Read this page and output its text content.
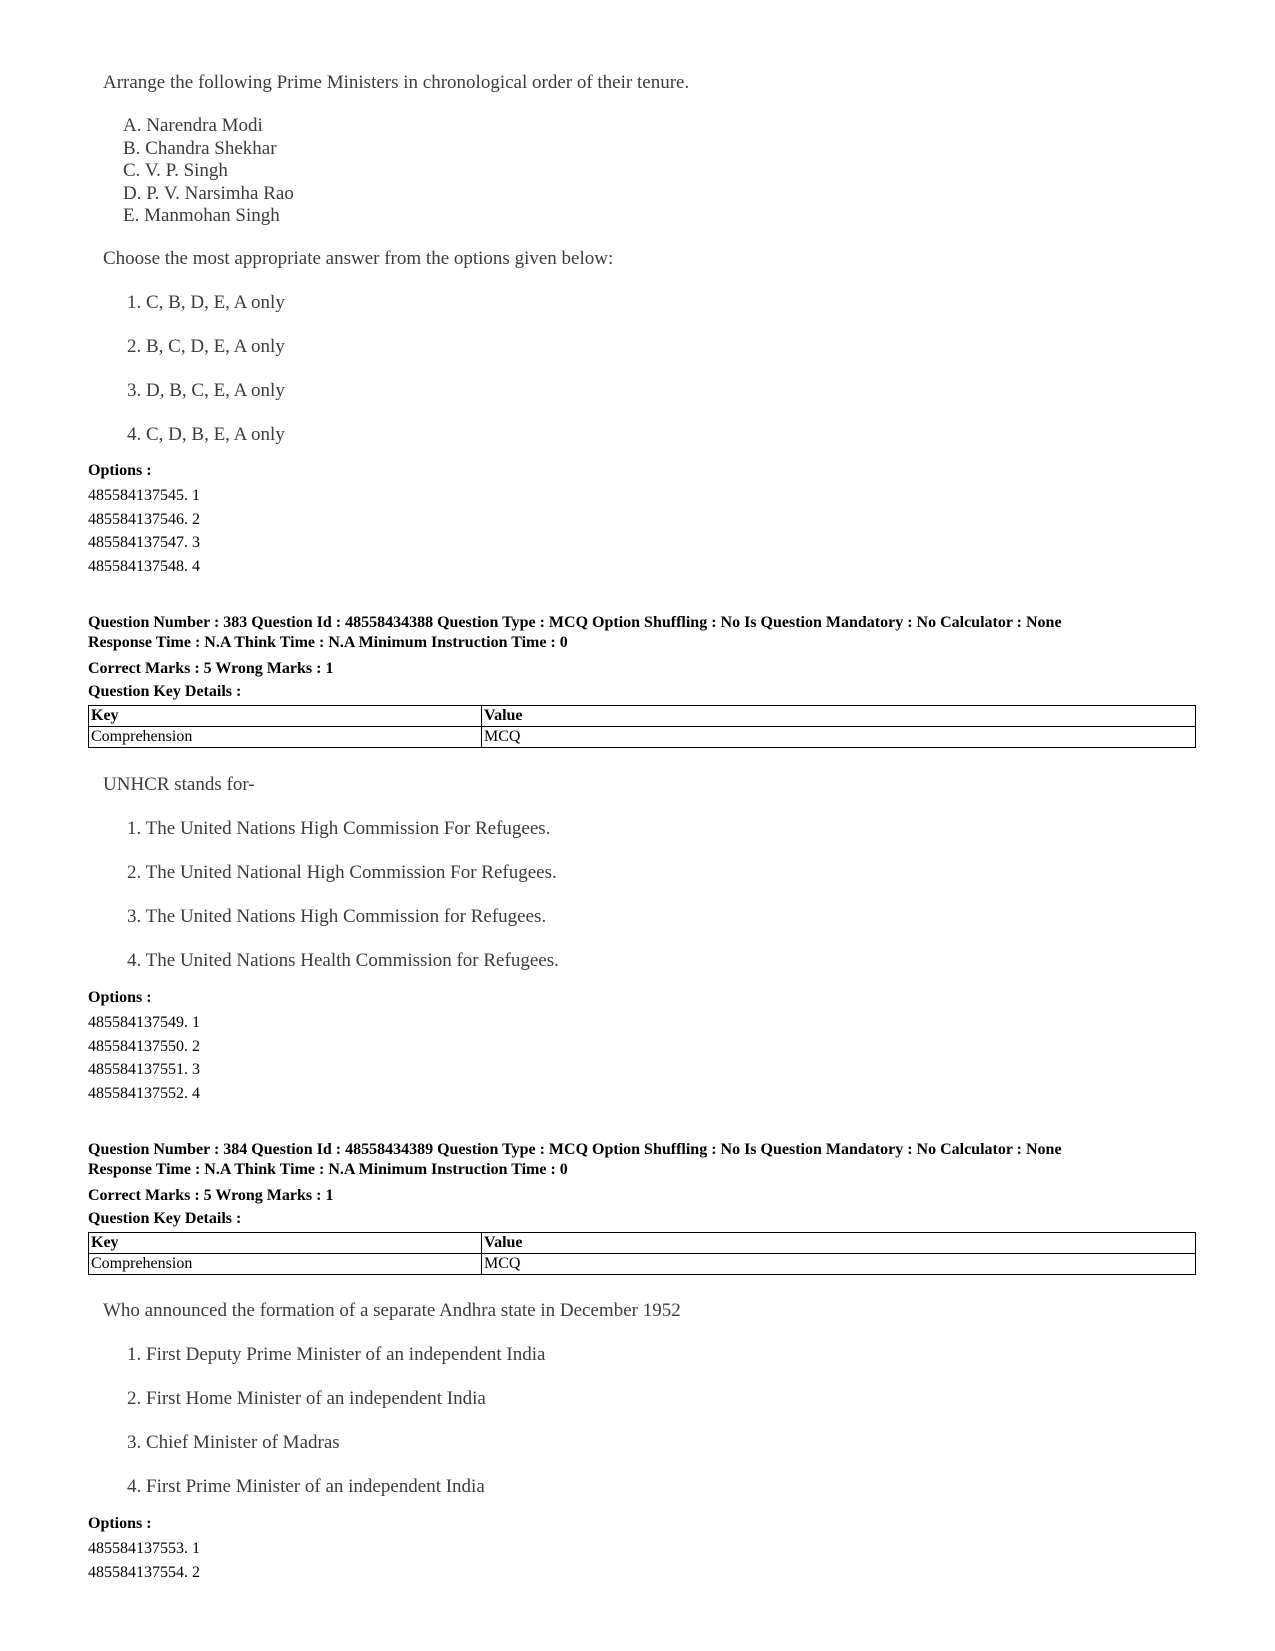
Arrange the following Prime Ministers in chronological order of their tenure.
A. Narendra Modi
B. Chandra Shekhar
C. V. P. Singh
D. P. V. Narsimha Rao
E. Manmohan Singh
Choose the most appropriate answer from the options given below:
1. C, B, D, E, A only
2. B, C, D, E, A only
3. D, B, C, E, A only
4. C, D, B, E, A only
Options :
485584137545. 1
485584137546. 2
485584137547. 3
485584137548. 4
Question Number : 383 Question Id : 48558434388 Question Type : MCQ Option Shuffling : No Is Question Mandatory : No Calculator : None
Response Time : N.A Think Time : N.A Minimum Instruction Time : 0
Correct Marks : 5 Wrong Marks : 1
Question Key Details :
Key	Value
Comprehension	MCQ
UNHCR stands for-
1. The United Nations High Commission For Refugees.
2. The United National High Commission For Refugees.
3. The United Nations High Commission for Refugees.
4. The United Nations Health Commission for Refugees.
Options :
485584137549. 1
485584137550. 2
485584137551. 3
485584137552. 4
Question Number : 384 Question Id : 48558434389 Question Type : MCQ Option Shuffling : No Is Question Mandatory : No Calculator : None
Response Time : N.A Think Time : N.A Minimum Instruction Time : 0
Correct Marks : 5 Wrong Marks : 1
Question Key Details :
Key	Value
Comprehension	MCQ
Who announced the formation of a separate Andhra state in December 1952
1. First Deputy Prime Minister of an independent India
2. First Home Minister of an independent India
3. Chief Minister of Madras
4. First Prime Minister of an independent India
Options :
485584137553. 1
485584137554. 2
